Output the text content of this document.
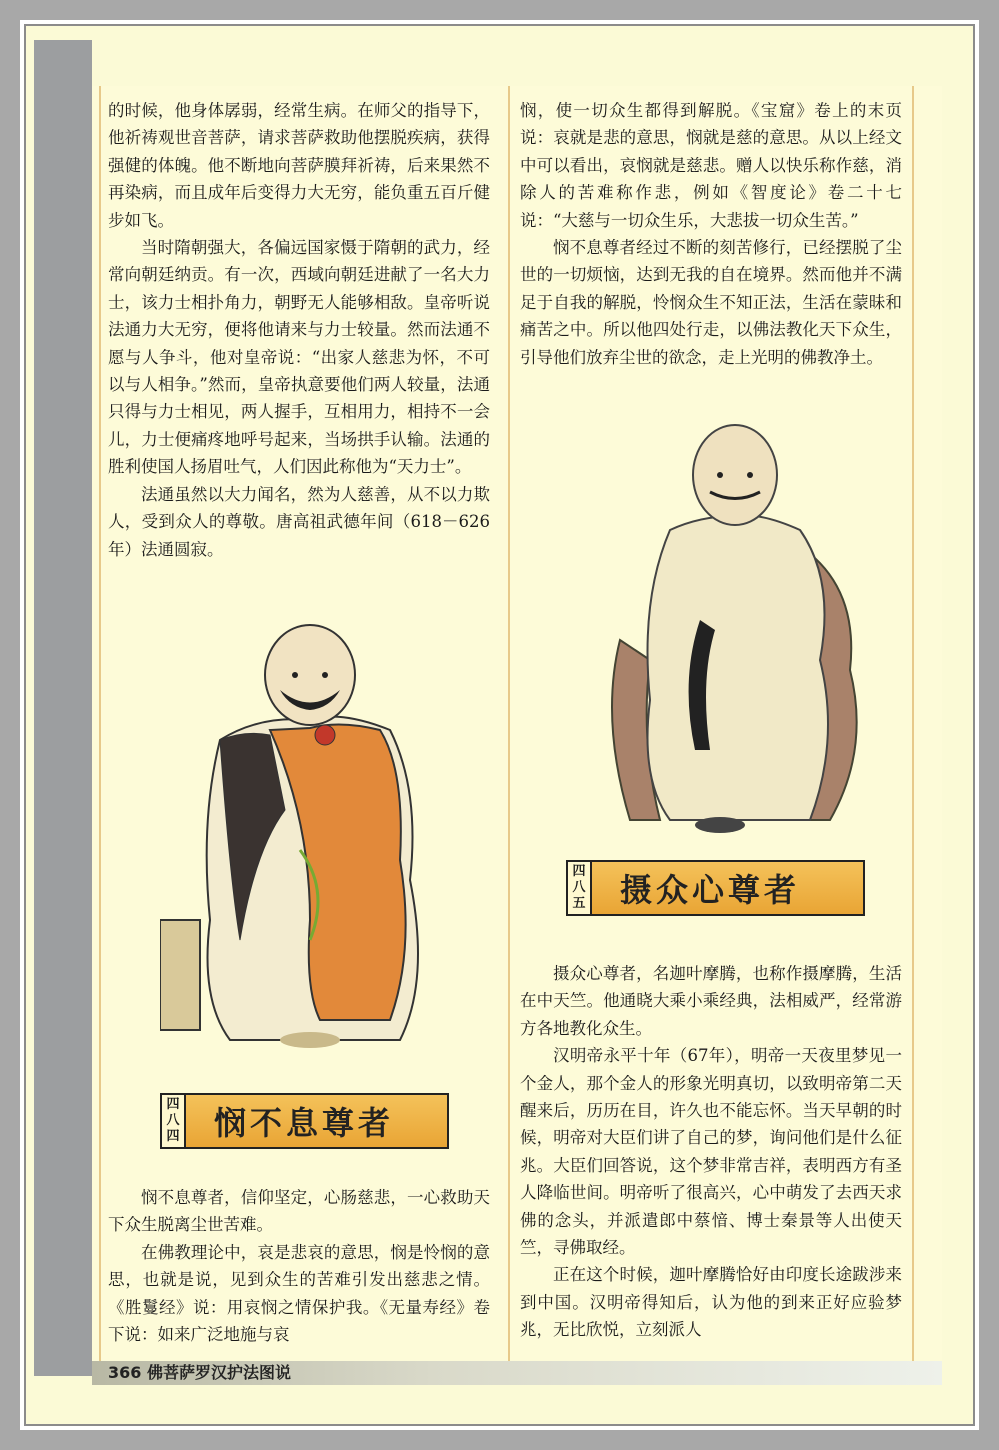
的时候，他身体孱弱，经常生病。在师父的指导下，他祈祷观世音菩萨，请求菩萨救助他摆脱疾病，获得强健的体魄。他不断地向菩萨膜拜祈祷，后来果然不再染病，而且成年后变得力大无穷，能负重五百斤健步如飞。

当时隋朝强大，各偏远国家慑于隋朝的武力，经常向朝廷纳贡。有一次，西域向朝廷进献了一名大力士，该力士相扑角力，朝野无人能够相敌。皇帝听说法通力大无穷，便将他请来与力士较量。然而法通不愿与人争斗，他对皇帝说：“出家人慈悲为怀，不可以与人相争。”然而，皇帝执意要他们两人较量，法通只得与力士相见，两人握手，互相用力，相持不一会儿，力士便痛疼地呼号起来，当场拱手认输。法通的胜利使国人扬眉吐气，人们因此称他为“天力士”。

法通虽然以大力闻名，然为人慈善，从不以力欺人，受到众人的尊敬。唐高祖武德年间（618－626年）法通圆寂。

四
八
四	悯不息尊者

悯不息尊者，信仰坚定，心肠慈悲，一心救助天下众生脱离尘世苦难。

在佛教理论中，哀是悲哀的意思，悯是怜悯的意思，也就是说，见到众生的苦难引发出慈悲之情。《胜鬘经》说：用哀悯之情保护我。《无量寿经》卷下说：如来广泛地施与哀

悯，使一切众生都得到解脱。《宝窟》卷上的末页说：哀就是悲的意思，悯就是慈的意思。从以上经文中可以看出，哀悯就是慈悲。赠人以快乐称作慈，消除人的苦难称作悲，例如《智度论》卷二十七说：“大慈与一切众生乐，大悲拔一切众生苦。”

悯不息尊者经过不断的刻苦修行，已经摆脱了尘世的一切烦恼，达到无我的自在境界。然而他并不满足于自我的解脱，怜悯众生不知正法，生活在蒙昧和痛苦之中。所以他四处行走，以佛法教化天下众生，引导他们放弃尘世的欲念，走上光明的佛教净土。

四
八
五	摄众心尊者

摄众心尊者，名迦叶摩腾，也称作摄摩腾，生活在中天竺。他通晓大乘小乘经典，法相威严，经常游方各地教化众生。

汉明帝永平十年（67年），明帝一天夜里梦见一个金人，那个金人的形象光明真切，以致明帝第二天醒来后，历历在目，许久也不能忘怀。当天早朝的时候，明帝对大臣们讲了自己的梦，询问他们是什么征兆。大臣们回答说，这个梦非常吉祥，表明西方有圣人降临世间。明帝听了很高兴，心中萌发了去西天求佛的念头，并派遣郎中蔡愔、博士秦景等人出使天竺，寻佛取经。

正在这个时候，迦叶摩腾恰好由印度长途跋涉来到中国。汉明帝得知后，认为他的到来正好应验梦兆，无比欣悦，立刻派人

366 佛菩萨罗汉护法图说
